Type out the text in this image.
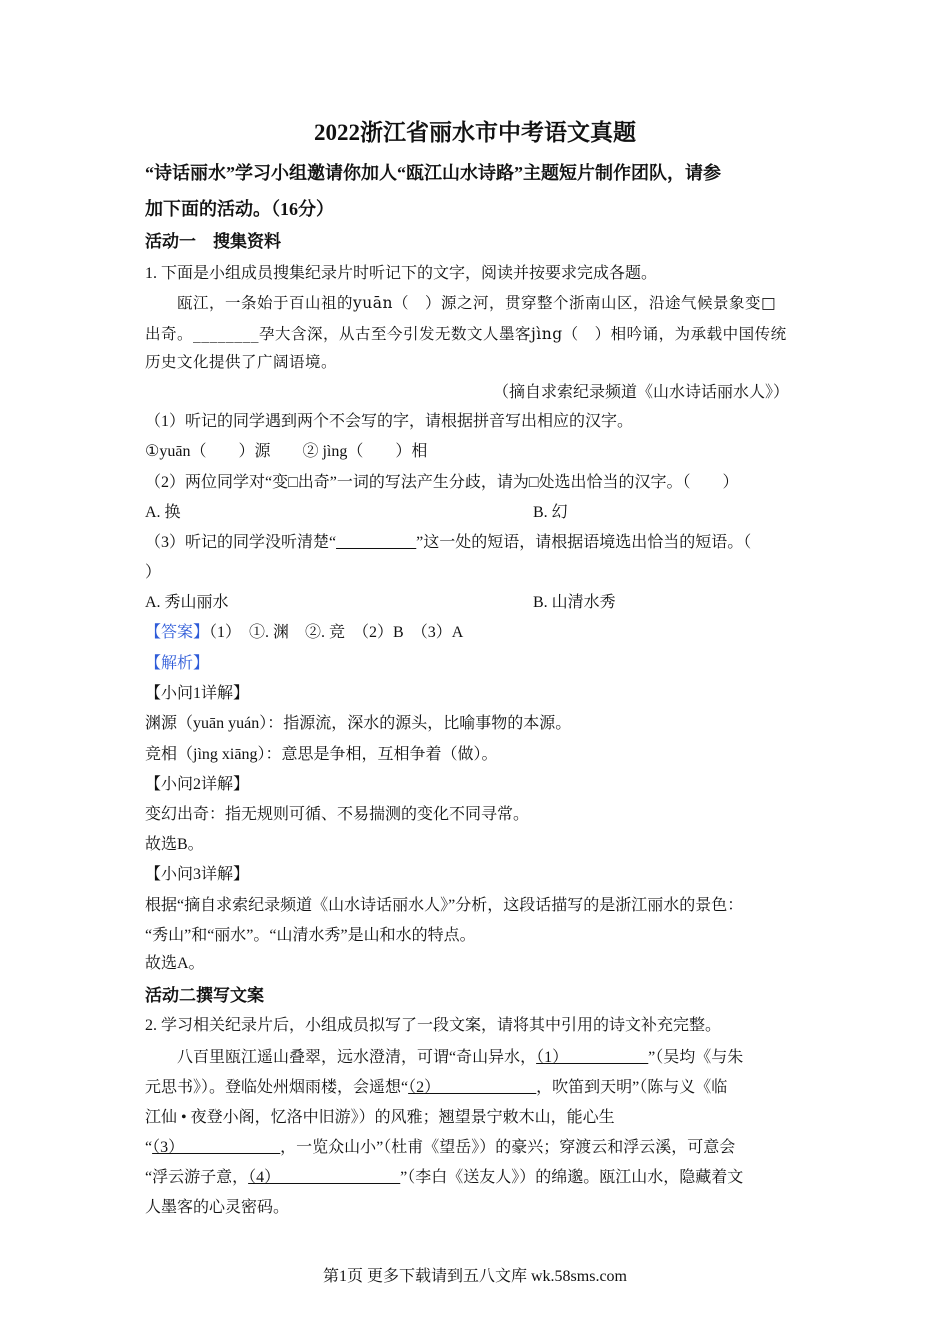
2022浙江省丽水市中考语文真题
“诗话丽水”学习小组邀请你加人“瓯江山水诗路”主题短片制作团队，请参
加下面的活动。（16分）
活动一　搜集资料
1. 下面是小组成员搜集纪录片时听记下的文字，阅读并按要求完成各题。
瓯江，一条始于百山祖的yuān（　）源之河，贯穿整个浙南山区，沿途气候景象变□
出奇。________孕大含深，从古至今引发无数文人墨客jìng（　）相吟诵，为承载中国传统
历史文化提供了广阔语境。
（摘自求索纪录频道《山水诗话丽水人》）
（1）听记的同学遇到两个不会写的字，请根据拼音写出相应的汉字。
①yuān（　　）源　　② jìng（　　）相
（2）两位同学对“变□出奇”一词的写法产生分歧，请为□处选出恰当的汉字。（　　）
A. 换	B. 幻
（3）听记的同学没听清楚“__________”这一处的短语，请根据语境选出恰当的短语。（
）
A. 秀山丽水	B. 山清水秀
【答案】（1）　①. 渊　②. 竞　（2）B　（3）A
【解析】
【小问1详解】
渊源（yuān yuán）：指源流，深水的源头，比喻事物的本源。
竞相（jìng xiāng）：意思是争相，互相争着（做）。
【小问2详解】
变幻出奇：指无规则可循、不易揣测的变化不同寻常。
故选B。
【小问3详解】
根据“摘自求索纪录频道《山水诗话丽水人》”分析，这段话描写的是浙江丽水的景色：
“秀山”和“丽水”。“山清水秀”是山和水的特点。
故选A。
活动二撰写文案
2. 学习相关纪录片后，小组成员拟写了一段文案，请将其中引用的诗文补充完整。
八百里瓯江遥山叠翠，远水澄清，可谓“奇山异水，（1）__________”（吴均《与朱
元思书》）。登临处州烟雨楼，会遥想“（2）____________，吹笛到天明”（陈与义《临
江仙 • 夜登小阁，忆洛中旧游》）的风雅；翘望景宁敕木山，能心生
“（3）____________，一览众山小”（杜甫《望岳》）的豪兴；穿渡云和浮云溪，可意会
“浮云游子意，（4）_______________”（李白《送友人》）的绵邈。瓯江山水，隐藏着文
人墨客的心灵密码。
第1页 更多下载请到五八文库 wk.58sms.com
